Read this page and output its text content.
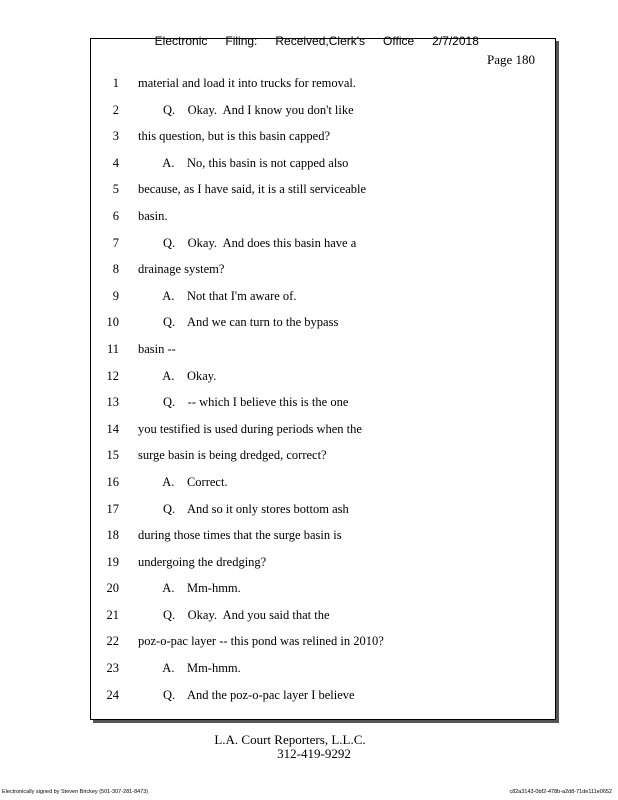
Electronic Filing: Received,Clerk's Office 2/7/2018

Page 180
1 material and load it into trucks for removal.
2 Q.    Okay.  And I know you don't like
3 this question, but is this basin capped?
4 A.    No, this basin is not capped also
5 because, as I have said, it is a still serviceable
6 basin.
7 Q.    Okay.  And does this basin have a
8 drainage system?
9 A.    Not that I'm aware of.
10 Q.    And we can turn to the bypass
11 basin --
12 A.    Okay.
13 Q.    -- which I believe this is the one
14 you testified is used during periods when the
15 surge basin is being dredged, correct?
16 A.    Correct.
17 Q.    And so it only stores bottom ash
18 during those times that the surge basin is
19 undergoing the dredging?
20 A.    Mm-hmm.
21 Q.    Okay.  And you said that the
22 poz-o-pac layer -- this pond was relined in 2010?
23 A.    Mm-hmm.
24 Q.    And the poz-o-pac layer I believe
L.A. Court Reporters, L.L.C.
312-419-9292
Electronically signed by Steven Brickey (501-307-281-8473)	c82a3143-0bf2-478b-a2d8-71de111e0652
